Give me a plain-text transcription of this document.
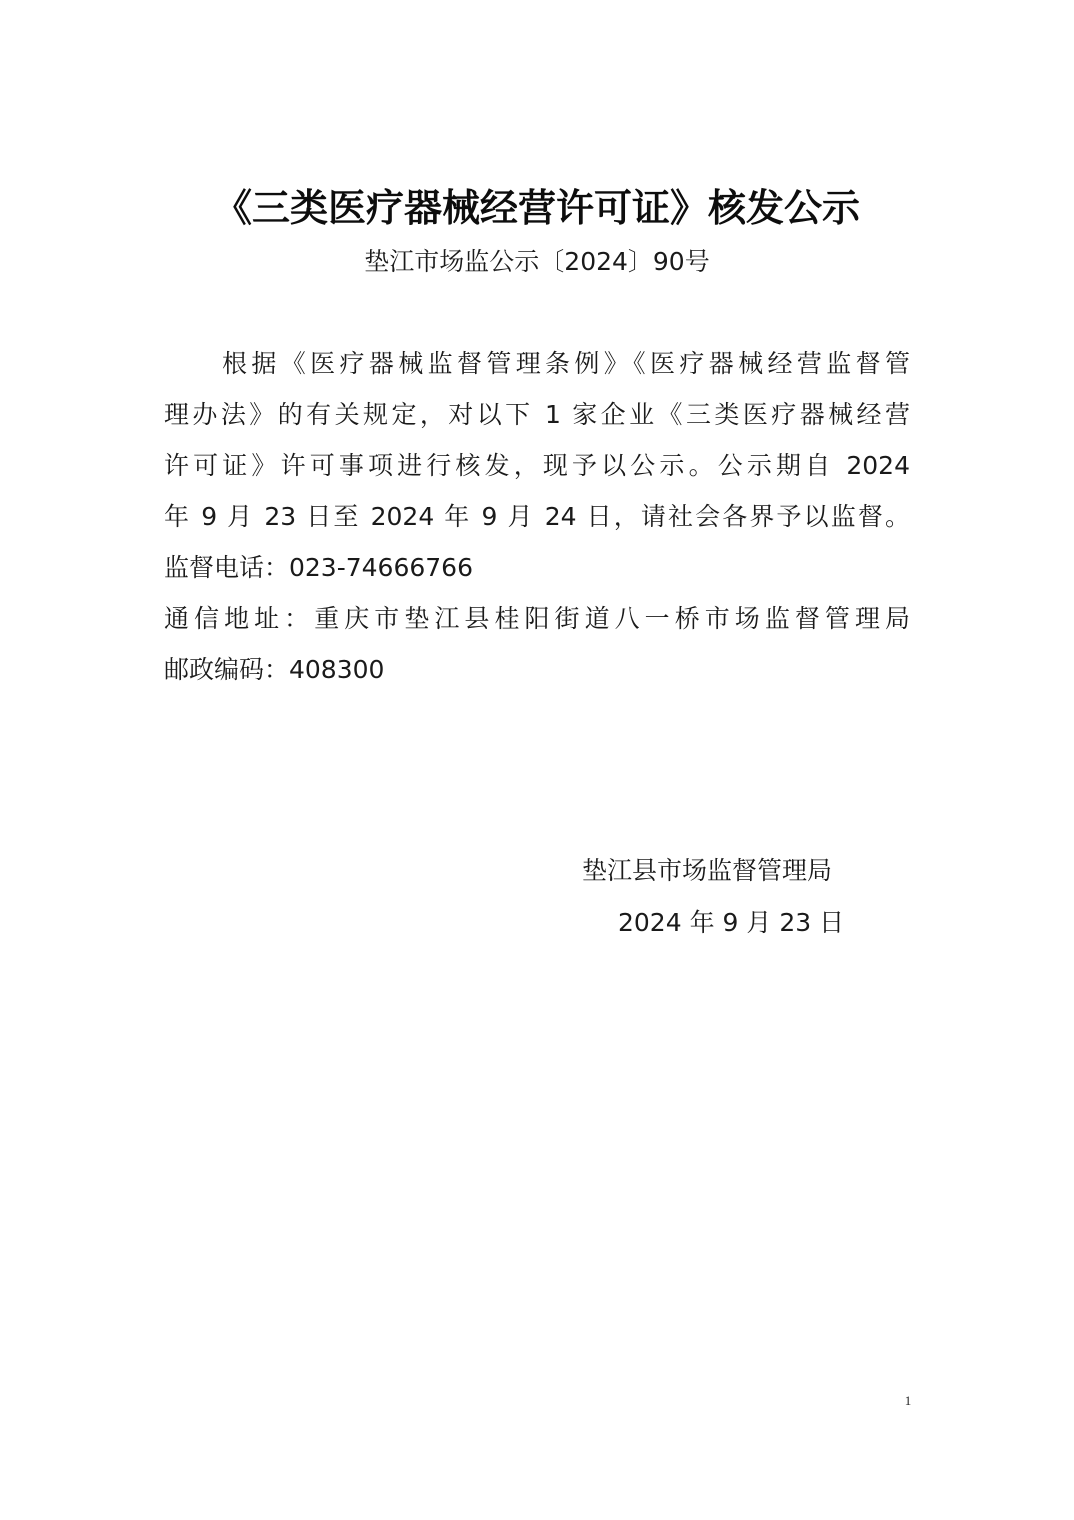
《三类医疗器械经营许可证》核发公示
垫江市场监公示〔2024〕90号
根据《医疗器械监督管理条例》《医疗器械经营监督管
理办法》的有关规定，对以下 1 家企业《三类医疗器械经营
许可证》许可事项进行核发，现予以公示。公示期自 2024
年 9 月 23 日至 2024 年 9 月 24 日，请社会各界予以监督。
监督电话：023-74666766
通信地址：重庆市垫江县桂阳街道八一桥市场监督管理局
邮政编码：408300
垫江县市场监督管理局
2024 年 9 月 23 日
1
